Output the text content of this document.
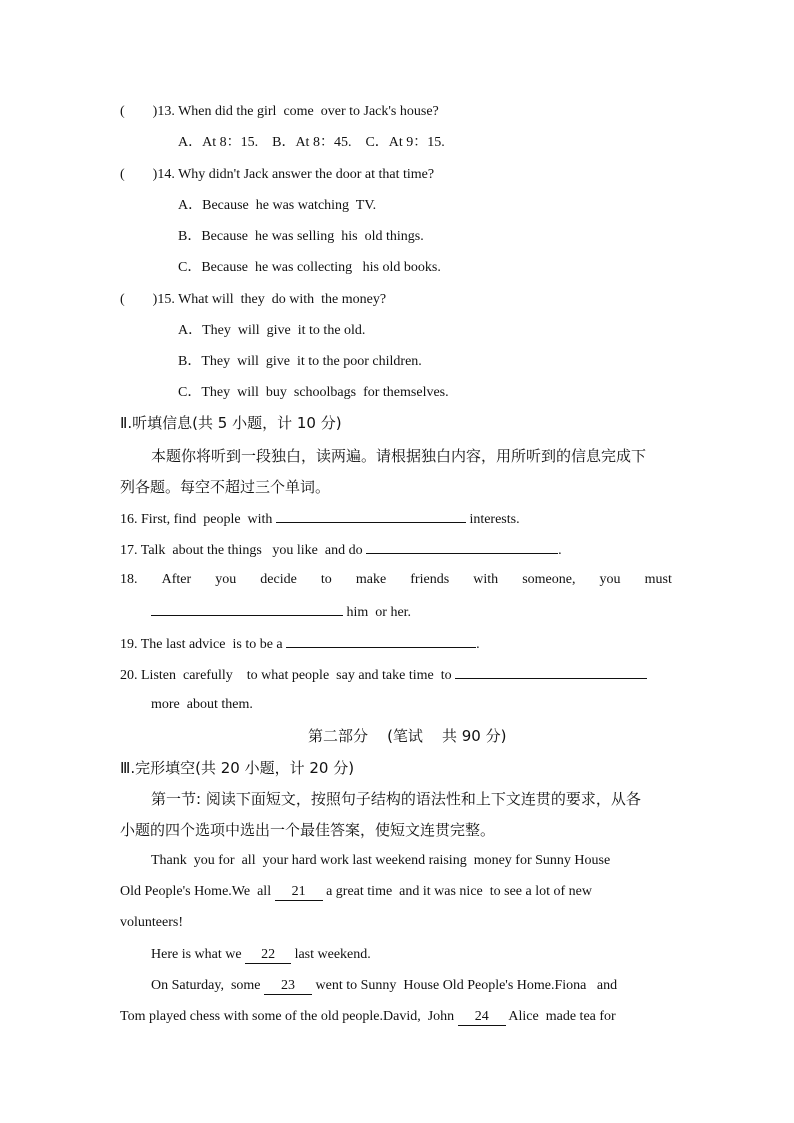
(        )13. When did the girl  come  over to Jack's house?
A．At 8：15.    B．At 8：45.    C．At 9：15.
(        )14. Why didn't Jack answer the door at that time?
A．Because  he was watching  TV.
B．Because  he was selling  his  old things.
C．Because  he was collecting   his old books.
(        )15. What will  they  do with  the money?
A．They  will  give  it to the old.
B．They  will  give  it to the poor children.
C．They  will  buy  schoolbags  for themselves.
Ⅱ.听填信息(共 5 小题，计 10 分)
本题你将听到一段独白，读两遍。请根据独白内容，用所听到的信息完成下
列各题。每空不超过三个单词。
16. First, find  people  with	interests.
17. Talk  about the things   you like  and do	.
18. After you decide to make friends with someone, you must
him  or her.
19. The last advice  is to be a	.
20. Listen  carefully    to what people  say and take time  to
more  about them.
第二部分    (笔试    共 90 分)
Ⅲ.完形填空(共 20 小题，计 20 分)
第一节: 阅读下面短文，按照句子结构的语法性和上下文连贯的要求，从各
小题的四个选项中选出一个最佳答案，使短文连贯完整。
Thank  you for  all  your hard work last weekend raising  money for Sunny House
Old People's Home.We  all 21 a great time  and it was nice  to see a lot of new
volunteers!
Here is what we 22 last weekend.
On Saturday,  some 23 went to Sunny  House Old People's Home.Fiona   and
Tom played chess with some of the old people.David,  John 24 Alice  made tea for
